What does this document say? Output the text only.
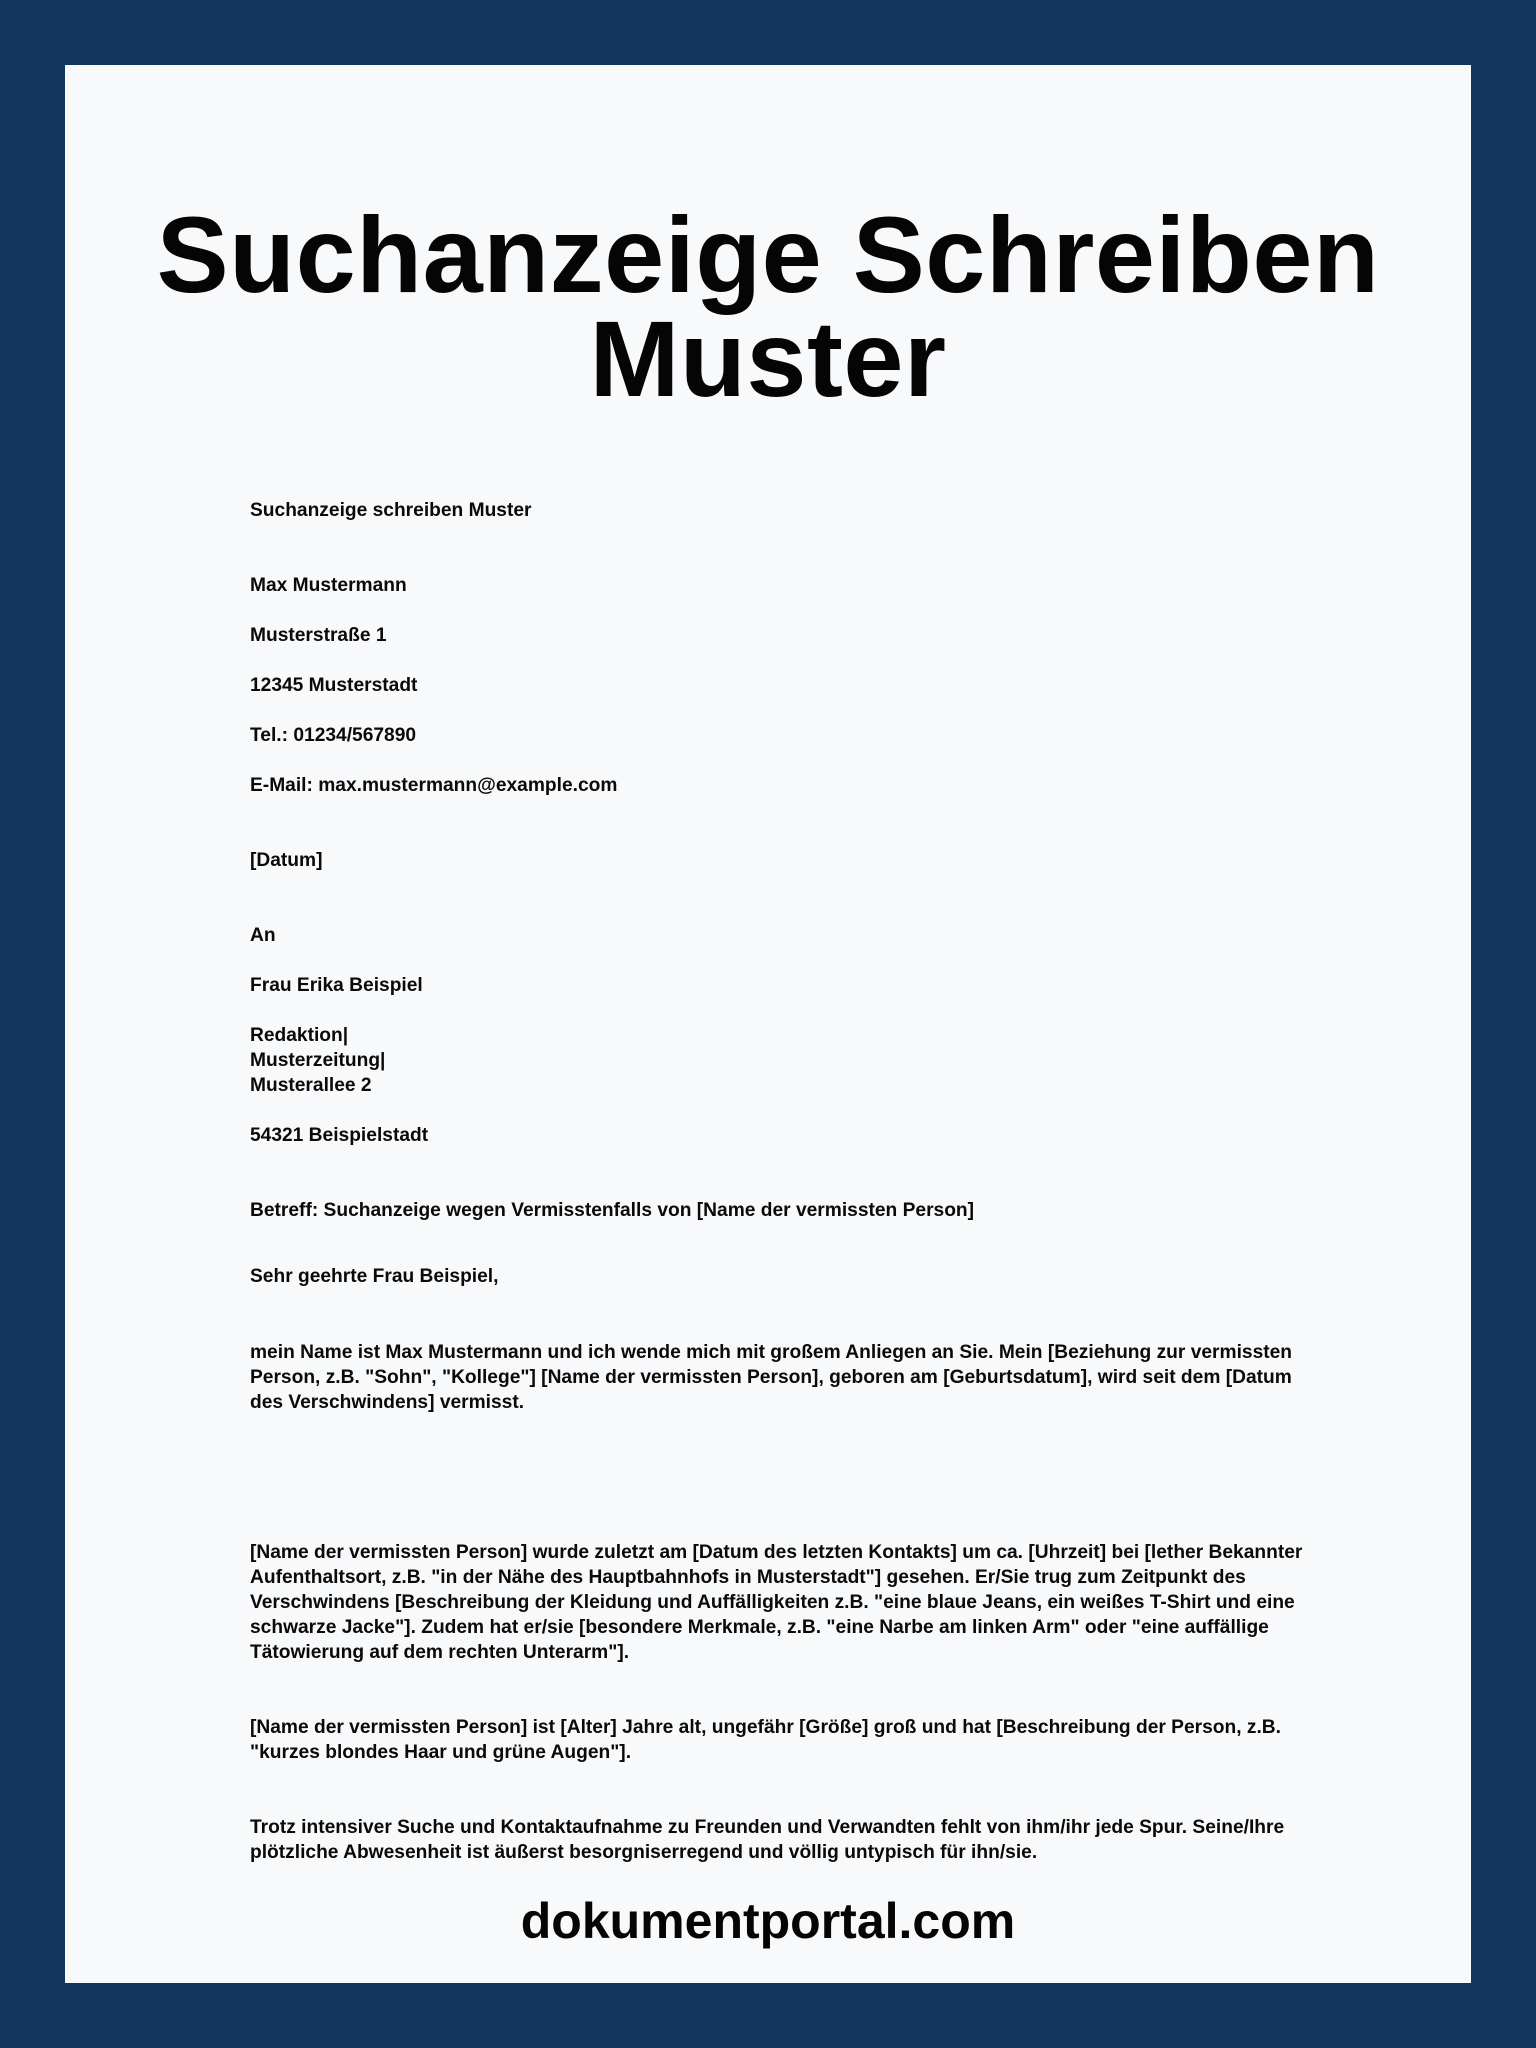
Suchanzeige Schreiben
Muster

Suchanzeige schreiben Muster

Max Mustermann

Musterstraße 1

12345 Musterstadt

Tel.: 01234/567890

E-Mail: max.mustermann@example.com

[Datum]

An

Frau Erika Beispiel

Redaktion|

Musterzeitung|

Musterallee 2

54321 Beispielstadt

Betreff: Suchanzeige wegen Vermisstenfalls von [Name der vermissten Person]

Sehr geehrte Frau Beispiel,

mein Name ist Max Mustermann und ich wende mich mit großem Anliegen an Sie. Mein [Beziehung zur vermissten Person, z.B. "Sohn", "Kollege"] [Name der vermissten Person], geboren am [Geburtsdatum], wird seit dem [Datum des Verschwindens] vermisst.

[Name der vermissten Person] wurde zuletzt am [Datum des letzten Kontakts] um ca. [Uhrzeit] bei [lether Bekannter Aufenthaltsort, z.B. "in der Nähe des Hauptbahnhofs in Musterstadt"] gesehen. Er/Sie trug zum Zeitpunkt des Verschwindens [Beschreibung der Kleidung und Auffälligkeiten z.B. "eine blaue Jeans, ein weißes T-Shirt und eine schwarze Jacke"]. Zudem hat er/sie [besondere Merkmale, z.B. "eine Narbe am linken Arm" oder "eine auffällige Tätowierung auf dem rechten Unterarm"].

[Name der vermissten Person] ist [Alter] Jahre alt, ungefähr [Größe] groß und hat [Beschreibung der Person, z.B. "kurzes blondes Haar und grüne Augen"].

Trotz intensiver Suche und Kontaktaufnahme zu Freunden und Verwandten fehlt von ihm/ihr jede Spur. Seine/Ihre plötzliche Abwesenheit ist äußerst besorgniserregend und völlig untypisch für ihn/sie.

dokumentportal.com
